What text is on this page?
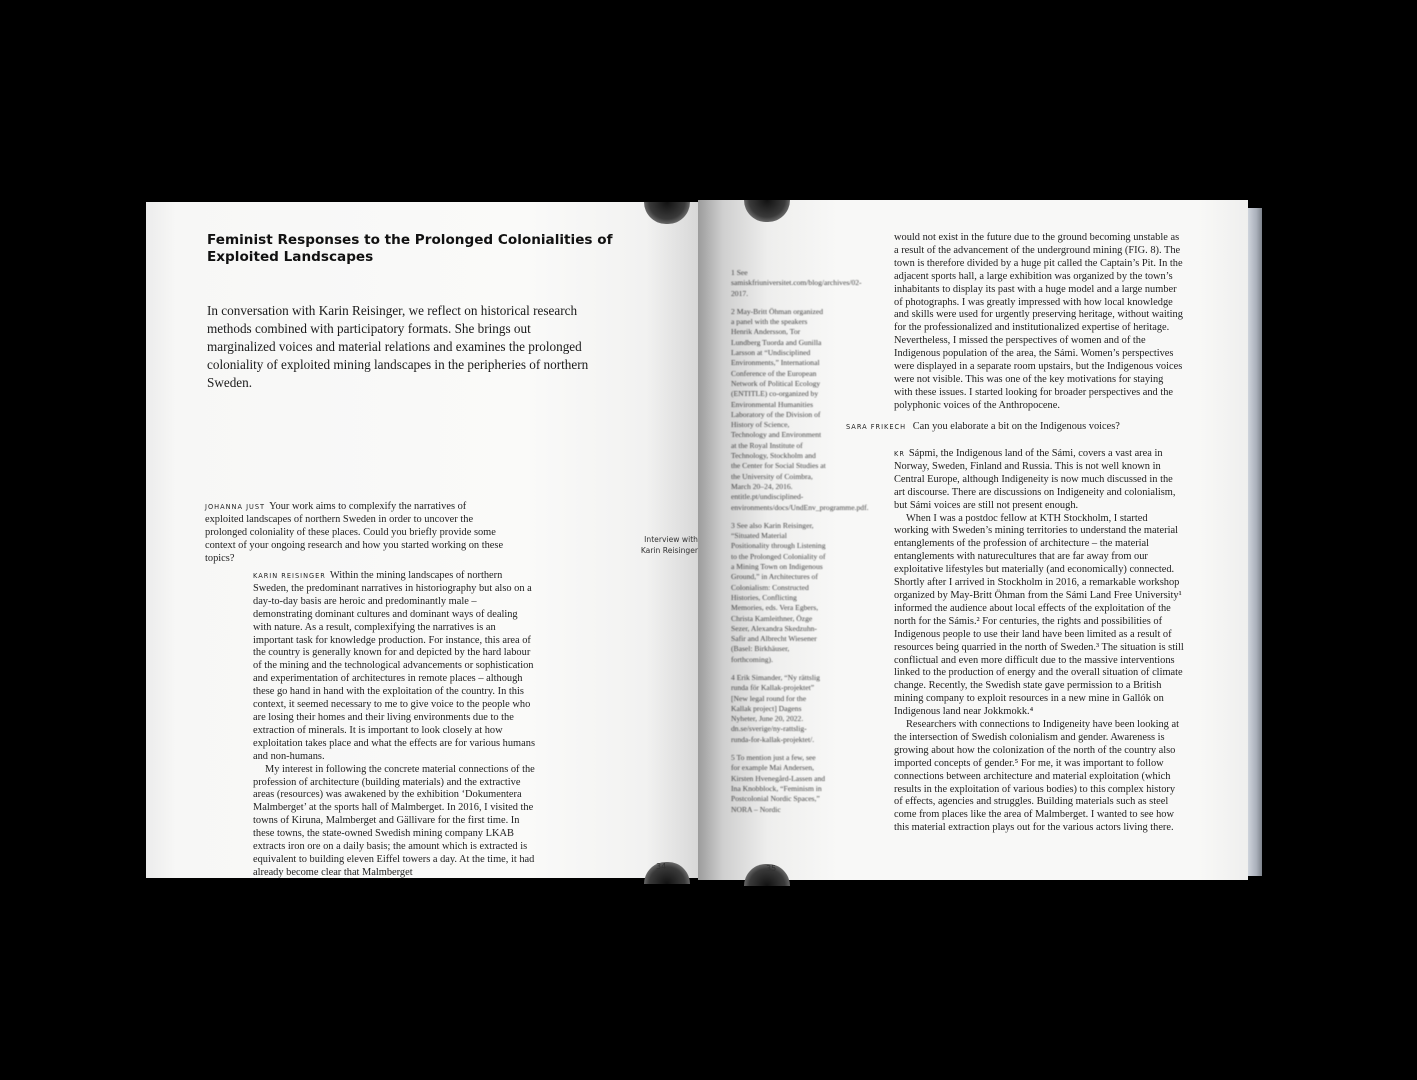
Feminist Responses to the Prolonged Colonialities of Exploited Landscapes

In conversation with Karin Reisinger, we reflect on historical research methods combined with participatory formats. She brings out marginalized voices and material relations and examines the prolonged coloniality of exploited mining landscapes in the peripheries of northern Sweden.

JOHANNA JUST Your work aims to complexify the narratives of exploited landscapes of northern Sweden in order to uncover the prolonged coloniality of these places. Could you briefly provide some context of your ongoing research and how you started working on these topics?

KARIN REISINGER Within the mining landscapes of northern Sweden, the predominant narratives in historiography but also on a day-to-day basis are heroic and predominantly male – demonstrating dominant cultures and dominant ways of dealing with nature. As a result, complexifying the narratives is an important task for knowledge production. For instance, this area of the country is generally known for and depicted by the hard labour of the mining and the technological advancements or sophistication and experimentation of architectures in remote places – although these go hand in hand with the exploitation of the country. In this context, it seemed necessary to me to give voice to the people who are losing their homes and their living environments due to the extraction of minerals. It is important to look closely at how exploitation takes place and what the effects are for various humans and non-humans.

My interest in following the concrete material connections of the profession of architecture (building materials) and the extractive areas (resources) was awakened by the exhibition ‘Dokumentera Malmberget’ at the sports hall of Malmberget. In 2016, I visited the towns of Kiruna, Malmberget and Gällivare for the first time. In these towns, the state-owned Swedish mining company LKAB extracts iron ore on a daily basis; the amount which is extracted is equivalent to building eleven Eiffel towers a day. At the time, it had already become clear that Malmberget

Interview with Karin Reisinger
34

1 See samiskfriuniversitet.com/blog/archives/02-2017.

2 May-Britt Öhman organized a panel with the speakers Henrik Andersson, Tor Lundberg Tuorda and Gunilla Larsson at “Undisciplined Environments,” International Conference of the European Network of Political Ecology (ENTITLE) co-organized by Environmental Humanities Laboratory of the Division of History of Science, Technology and Environment at the Royal Institute of Technology, Stockholm and the Center for Social Studies at the University of Coimbra, March 20–24, 2016. entitle.pt/undisciplined-environments/docs/UndEnv_programme.pdf.

3 See also Karin Reisinger, “Situated Material Positionality through Listening to the Prolonged Coloniality of a Mining Town on Indigenous Ground,” in Architectures of Colonialism: Constructed Histories, Conflicting Memories, eds. Vera Egbers, Christa Kamleithner, Özge Sezer, Alexandra Skedzuhn-Safir and Albrecht Wiesener (Basel: Birkhäuser, forthcoming).

4 Erik Simander, “Ny rättslig runda för Kallak-projektet” [New legal round for the Kallak project] Dagens Nyheter, June 20, 2022. dn.se/sverige/ny-rattslig-runda-for-kallak-projektet/.

5 To mention just a few, see for example Mai Andersen, Kirsten Hvenegård-Lassen and Ina Knobblock, “Feminism in Postcolonial Nordic Spaces,” NORA – Nordic

35

would not exist in the future due to the ground becoming unstable as a result of the advancement of the underground mining (FIG. 8). The town is therefore divided by a huge pit called the Captain’s Pit. In the adjacent sports hall, a large exhibition was organized by the town’s inhabitants to display its past with a huge model and a large number of photographs. I was greatly impressed with how local knowledge and skills were used for urgently preserving heritage, without waiting for the professionalized and institutionalized expertise of heritage. Nevertheless, I missed the perspectives of women and of the Indigenous population of the area, the Sámi. Women’s perspectives were displayed in a separate room upstairs, but the Indigenous voices were not visible. This was one of the key motivations for staying with these issues. I started looking for broader perspectives and the polyphonic voices of the Anthropocene.

SARA FRIKECH Can you elaborate a bit on the Indigenous voices?

KR Sápmi, the Indigenous land of the Sámi, covers a vast area in Norway, Sweden, Finland and Russia. This is not well known in Central Europe, although Indigeneity is now much discussed in the art discourse. There are discussions on Indigeneity and colonialism, but Sámi voices are still not present enough.

When I was a postdoc fellow at KTH Stockholm, I started working with Sweden’s mining territories to understand the material entanglements of the profession of architecture – the material entanglements with naturecultures that are far away from our exploitative lifestyles but materially (and economically) connected. Shortly after I arrived in Stockholm in 2016, a remarkable workshop organized by May-Britt Öhman from the Sámi Land Free University¹ informed the audience about local effects of the exploitation of the north for the Sámis.² For centuries, the rights and possibilities of Indigenous people to use their land have been limited as a result of resources being quarried in the north of Sweden.³ The situation is still conflictual and even more difficult due to the massive interventions linked to the production of energy and the overall situation of climate change. Recently, the Swedish state gave permission to a British mining company to exploit resources in a new mine in Gallók on Indigenous land near Jokkmokk.⁴

Researchers with connections to Indigeneity have been looking at the intersection of Swedish colonialism and gender. Awareness is growing about how the colonization of the north of the country also imported concepts of gender.⁵ For me, it was important to follow connections between architecture and material exploitation (which results in the exploitation of various bodies) to this complex history of effects, agencies and struggles. Building materials such as steel come from places like the area of Malmberget. I wanted to see how this material extraction plays out for the various actors living there.
